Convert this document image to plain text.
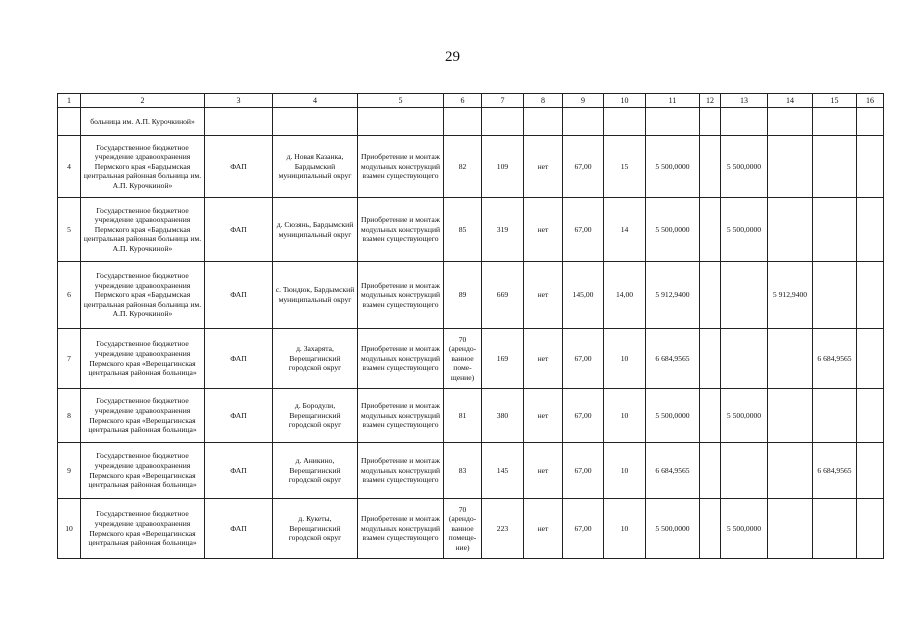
29
1	2	3	4	5	6	7	8	9	10	11	12	13	14	15	16
	больница им. А.П. Курочкиной»														
4	Государственное бюджетное учреждение здравоохранения Пермского края «Бардымская центральная районная больница им. А.П. Курочкиной»	ФАП	д. Новая Казанка, Бардымский муниципальный округ	Приобретение и монтаж модульных конструкций взамен существующего	82	109	нет	67,00	15	5 500,0000		5 500,0000			
5	Государственное бюджетное учреждение здравоохранения Пермского края «Бардымская центральная районная больница им. А.П. Курочкиной»	ФАП	д. Сюзянь, Бардымский муниципальный округ	Приобретение и монтаж модульных конструкций взамен существующего	85	319	нет	67,00	14	5 500,0000		5 500,0000			
6	Государственное бюджетное учреждение здравоохранения Пермского края «Бардымская центральная районная больница им. А.П. Курочкиной»	ФАП	с. Тюндюк, Бардымский муниципальный округ	Приобретение и монтаж модульных конструкций взамен существующего	89	669	нет	145,00	14,00	5 912,9400			5 912,9400		
7	Государственное бюджетное учреждение здравоохранения Пермского края «Верещагинская центральная районная больница»	ФАП	д. Захарята, Верещагинский городской округ	Приобретение и монтаж модульных конструкций взамен существующего	70 (арендо-ванное поме-щение)	169	нет	67,00	10	6 684,9565				6 684,9565	
8	Государственное бюджетное учреждение здравоохранения Пермского края «Верещагинская центральная районная больница»	ФАП	д. Бородули, Верещагинский городской округ	Приобретение и монтаж модульных конструкций взамен существующего	81	380	нет	67,00	10	5 500,0000		5 500,0000			
9	Государственное бюджетное учреждение здравоохранения Пермского края «Верещагинская центральная районная больница»	ФАП	д. Аникино, Верещагинский городской округ	Приобретение и монтаж модульных конструкций взамен существующего	83	145	нет	67,00	10	6 684,9565				6 684,9565	
10	Государственное бюджетное учреждение здравоохранения Пермского края «Верещагинская центральная районная больница»	ФАП	д. Кукеты, Верещагинский городской округ	Приобретение и монтаж модульных конструкций взамен существующего	70 (арендо-ванное помеще-ние)	223	нет	67,00	10	5 500,0000		5 500,0000			
